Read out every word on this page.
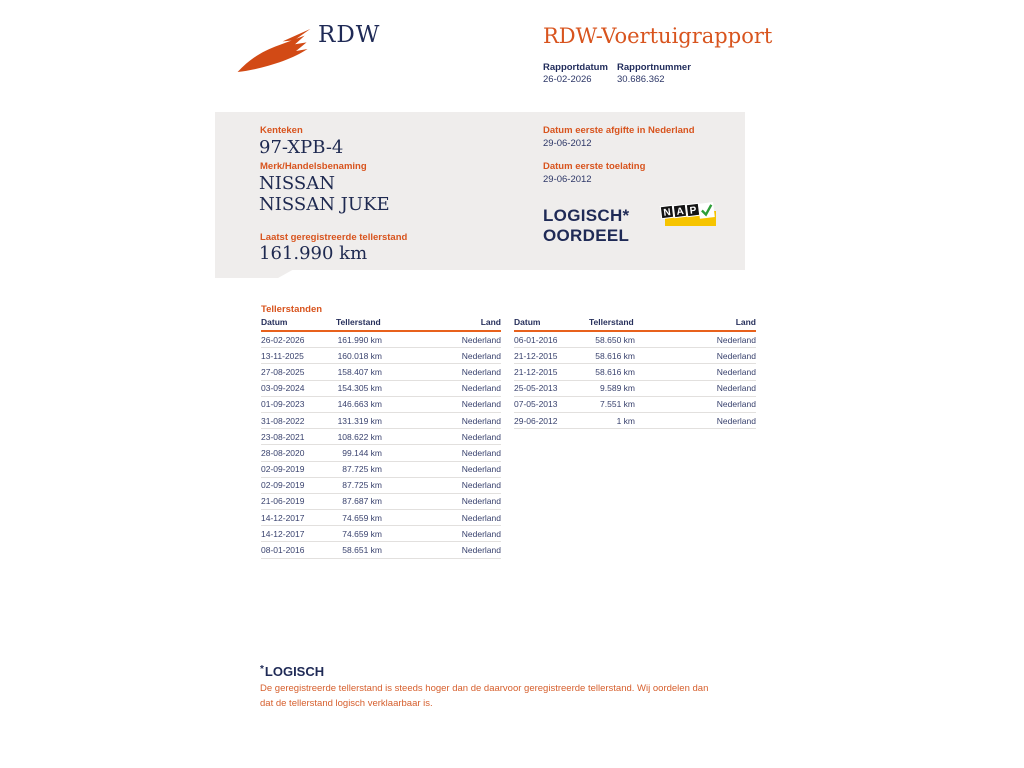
RDW	RDW-Voertuigrapport
Rapportdatum
26-02-2026
Rapportnummer
30.686.362
Kenteken
97-XPB-4
Merk/Handelsbenaming
NISSAN NISSAN JUKE
Laatst geregistreerde tellerstand
161.990 km
Datum eerste afgifte in Nederland
29-06-2012
Datum eerste toelating
29-06-2012
LOGISCH*
OORDEEL
N A P
Tellerstanden
Datum	Tellerstand	Land
26-02-2026	161.990 km	Nederland
13-11-2025	160.018 km	Nederland
27-08-2025	158.407 km	Nederland
03-09-2024	154.305 km	Nederland
01-09-2023	146.663 km	Nederland
31-08-2022	131.319 km	Nederland
23-08-2021	108.622 km	Nederland
28-08-2020	99.144 km	Nederland
02-09-2019	87.725 km	Nederland
02-09-2019	87.725 km	Nederland
21-06-2019	87.687 km	Nederland
14-12-2017	74.659 km	Nederland
14-12-2017	74.659 km	Nederland
08-01-2016	58.651 km	Nederland
Datum	Tellerstand	Land
06-01-2016	58.650 km	Nederland
21-12-2015	58.616 km	Nederland
21-12-2015	58.616 km	Nederland
25-05-2013	9.589 km	Nederland
07-05-2013	7.551 km	Nederland
29-06-2012	1 km	Nederland
*LOGISCH
De geregistreerde tellerstand is steeds hoger dan de daarvoor geregistreerde tellerstand. Wij oordelen dan dat de tellerstand logisch verklaarbaar is.
